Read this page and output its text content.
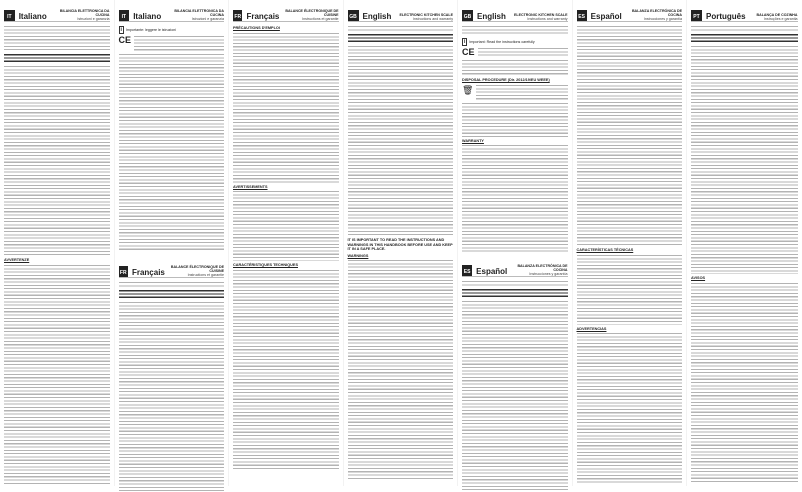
IT Italiano
BILANCIA ELETTRONICA DA CUCINA
Istruzioni e garanzia
AVVERTENZE
IT Italiano
BILANCIA ELETTRONICA DA CUCINA
Istruzioni e garanzia
i	Importante: leggere le istruzioni
CE
FR Français
BALANCE ÉLECTRONIQUE DE CUISINE
Instructions et garantie
FR Français
BALANCE ÉLECTRONIQUE DE CUISINE
Instructions et garantie
PRÉCAUTIONS D'EMPLOI
AVERTISSEMENTS
CARACTÉRISTIQUES TECHNIQUES
GB English ELECTRONIC KITCHEN SCALE
Instructions and warranty
IT IS IMPORTANT TO READ THE INSTRUCTIONS AND WARNINGS IN THIS HANDBOOK BEFORE USE AND KEEP IT IN A SAFE PLACE.
WARNINGS
GB English ELECTRONIC KITCHEN SCALE
Instructions and warranty
i	Important: Read the instructions carefully
CE
DISPOSAL PROCEDURE (Dir. 2012/19/EU WEEE)
🗑
WARRANTY
ES Español
BALANZA ELECTRÓNICA DE COCINA
Instrucciones y garantía
ES Español
BALANZA ELECTRÓNICA DE COCINA
Instrucciones y garantía
CARACTERÍSTICAS TÉCNICAS
ADVERTENCIAS
PT Português	BALANÇA DE COZINHA
Instruções e garantia
AVISOS
